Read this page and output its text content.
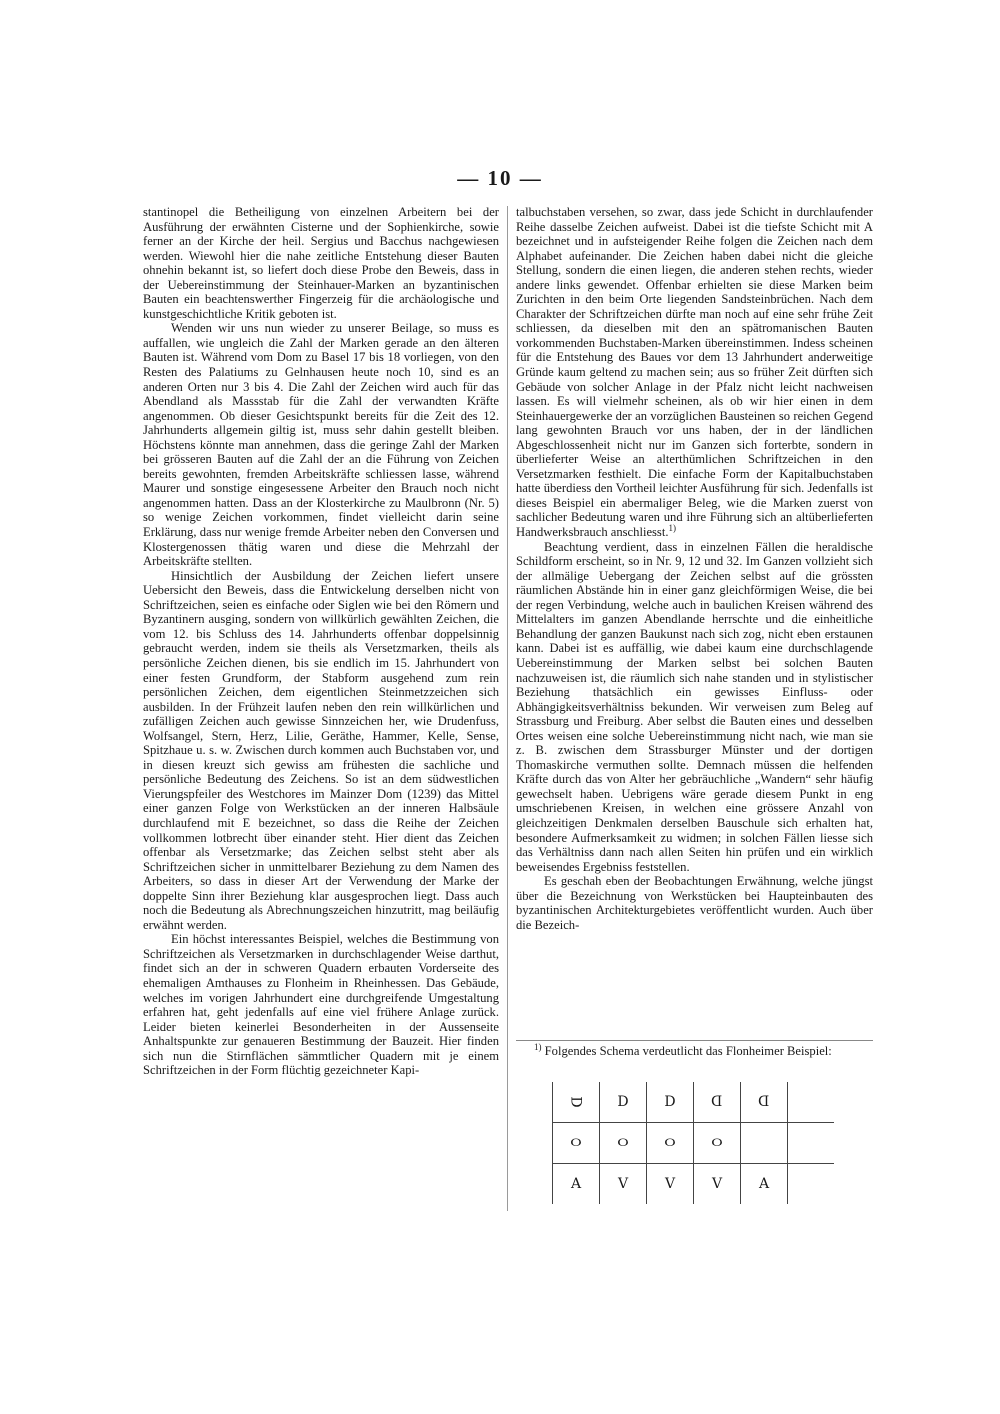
— 10 —

stantinopel die Betheiligung von einzelnen Arbeitern bei der Ausführung der erwähnten Cisterne und der Sophienkirche, sowie ferner an der Kirche der heil. Sergius und Bacchus nachgewiesen werden. Wiewohl hier die nahe zeitliche Entstehung dieser Bauten ohnehin bekannt ist, so liefert doch diese Probe den Beweis, dass in der Uebereinstimmung der Steinhauer-Marken an byzantinischen Bauten ein beachtenswerther Fingerzeig für die archäologische und kunstgeschichtliche Kritik geboten ist.

Wenden wir uns nun wieder zu unserer Beilage, so muss es auffallen, wie ungleich die Zahl der Marken gerade an den älteren Bauten ist. Während vom Dom zu Basel 17 bis 18 vorliegen, von den Resten des Palatiums zu Gelnhausen heute noch 10, sind es an anderen Orten nur 3 bis 4. Die Zahl der Zeichen wird auch für das Abendland als Massstab für die Zahl der verwandten Kräfte angenommen. Ob dieser Gesichtspunkt bereits für die Zeit des 12. Jahrhunderts allgemein giltig ist, muss sehr dahin gestellt bleiben. Höchstens könnte man annehmen, dass die geringe Zahl der Marken bei grösseren Bauten auf die Zahl der an die Führung von Zeichen bereits gewohnten, fremden Arbeitskräfte schliessen lasse, während Maurer und sonstige eingesessene Arbeiter den Brauch noch nicht angenommen hatten. Dass an der Klosterkirche zu Maulbronn (Nr. 5) so wenige Zeichen vorkommen, findet vielleicht darin seine Erklärung, dass nur wenige fremde Arbeiter neben den Conversen und Klostergenossen thätig waren und diese die Mehrzahl der Arbeitskräfte stellten.

Hinsichtlich der Ausbildung der Zeichen liefert unsere Uebersicht den Beweis, dass die Entwickelung derselben nicht von Schriftzeichen, seien es einfache oder Siglen wie bei den Römern und Byzantinern ausging, sondern von willkürlich gewählten Zeichen, die vom 12. bis Schluss des 14. Jahrhunderts offenbar doppelsinnig gebraucht werden, indem sie theils als Versetzmarken, theils als persönliche Zeichen dienen, bis sie endlich im 15. Jahrhundert von einer festen Grundform, der Stabform ausgehend zum rein persönlichen Zeichen, dem eigentlichen Steinmetzzeichen sich ausbilden. In der Frühzeit laufen neben den rein willkürlichen und zufälligen Zeichen auch gewisse Sinnzeichen her, wie Drudenfuss, Wolfsangel, Stern, Herz, Lilie, Geräthe, Hammer, Kelle, Sense, Spitzhaue u. s. w. Zwischen durch kommen auch Buchstaben vor, und in diesen kreuzt sich gewiss am frühesten die sachliche und persönliche Bedeutung des Zeichens. So ist an dem südwestlichen Vierungspfeiler des Westchores im Mainzer Dom (1239) das Mittel einer ganzen Folge von Werkstücken an der inneren Halbsäule durchlaufend mit E bezeichnet, so dass die Reihe der Zeichen vollkommen lotbrecht über einander steht. Hier dient das Zeichen offenbar als Versetzmarke; das Zeichen selbst steht aber als Schriftzeichen sicher in unmittelbarer Beziehung zu dem Namen des Arbeiters, so dass in dieser Art der Verwendung der Marke der doppelte Sinn ihrer Beziehung klar ausgesprochen liegt. Dass auch noch die Bedeutung als Abrechnungszeichen hinzutritt, mag beiläufig erwähnt werden.

Ein höchst interessantes Beispiel, welches die Bestimmung von Schriftzeichen als Versetzmarken in durchschlagender Weise darthut, findet sich an der in schweren Quadern erbauten Vorderseite des ehemaligen Amthauses zu Flonheim in Rheinhessen. Das Gebäude, welches im vorigen Jahrhundert eine durchgreifende Umgestaltung erfahren hat, geht jedenfalls auf eine viel frühere Anlage zurück. Leider bieten keinerlei Besonderheiten in der Aussenseite Anhaltspunkte zur genaueren Bestimmung der Bauzeit. Hier finden sich nun die Stirnflächen sämmtlicher Quadern mit je einem Schriftzeichen in der Form flüchtig gezeichneter Kapi-

talbuchstaben versehen, so zwar, dass jede Schicht in durchlaufender Reihe dasselbe Zeichen aufweist. Dabei ist die tiefste Schicht mit A bezeichnet und in aufsteigender Reihe folgen die Zeichen nach dem Alphabet aufeinander. Die Zeichen haben dabei nicht die gleiche Stellung, sondern die einen liegen, die anderen stehen rechts, wieder andere links gewendet. Offenbar erhielten sie diese Marken beim Zurichten in den beim Orte liegenden Sandsteinbrüchen. Nach dem Charakter der Schriftzeichen dürfte man noch auf eine sehr frühe Zeit schliessen, da dieselben mit den an spätromanischen Bauten vorkommenden Buchstaben-Marken übereinstimmen. Indess scheinen für die Entstehung des Baues vor dem 13 Jahrhundert anderweitige Gründe kaum geltend zu machen sein; aus so früher Zeit dürften sich Gebäude von solcher Anlage in der Pfalz nicht leicht nachweisen lassen. Es will vielmehr scheinen, als ob wir hier einen in dem Steinhauergewerke der an vorzüglichen Bausteinen so reichen Gegend lang gewohnten Brauch vor uns haben, der in der ländlichen Abgeschlossenheit nicht nur im Ganzen sich forterbte, sondern in überlieferter Weise an alterthümlichen Schriftzeichen in den Versetzmarken festhielt. Die einfache Form der Kapitalbuchstaben hatte überdiess den Vortheil leichter Ausführung für sich. Jedenfalls ist dieses Beispiel ein abermaliger Beleg, wie die Marken zuerst von sachlicher Bedeutung waren und ihre Führung sich an altüberlieferten Handwerksbrauch anschliesst.$^{1)}$

Beachtung verdient, dass in einzelnen Fällen die heraldische Schildform erscheint, so in Nr. 9, 12 und 32. Im Ganzen vollzieht sich der allmälige Uebergang der Zeichen selbst auf die grössten räumlichen Abstände hin in einer ganz gleichförmigen Weise, die bei der regen Verbindung, welche auch in baulichen Kreisen während des Mittelalters im ganzen Abendlande herrschte und die einheitliche Behandlung der ganzen Baukunst nach sich zog, nicht eben erstaunen kann. Dabei ist es auffällig, wie dabei kaum eine durchschlagende Uebereinstimmung der Marken selbst bei solchen Bauten nachzuweisen ist, die räumlich sich nahe standen und in stylistischer Beziehung thatsächlich ein gewisses Einfluss- oder Abhängigkeitsverhältniss bekunden. Wir verweisen zum Beleg auf Strassburg und Freiburg. Aber selbst die Bauten eines und desselben Ortes weisen eine solche Uebereinstimmung nicht nach, wie man sie z. B. zwischen dem Strassburger Münster und der dortigen Thomaskirche vermuthen sollte. Demnach müssen die helfenden Kräfte durch das von Alter her gebräuchliche „Wandern“ sehr häufig gewechselt haben. Uebrigens wäre gerade diesem Punkt in eng umschriebenen Kreisen, in welchen eine grössere Anzahl von gleichzeitigen Denkmalen derselben Bauschule sich erhalten hat, besondere Aufmerksamkeit zu widmen; in solchen Fällen liesse sich das Verhältniss dann nach allen Seiten hin prüfen und ein wirklich beweisendes Ergebniss feststellen.

Es geschah eben der Beobachtungen Erwähnung, welche jüngst über die Bezeichnung von Werkstücken bei Haupteinbauten des byzantinischen Architekturgebietes veröffentlicht wurden. Auch über die Bezeich-

$^{1)}$ Folgendes Schema verdeutlicht das Flonheimer Beispiel:

D	D	D	D	D	
O	O	O	O		
A	V	V	V	A	
